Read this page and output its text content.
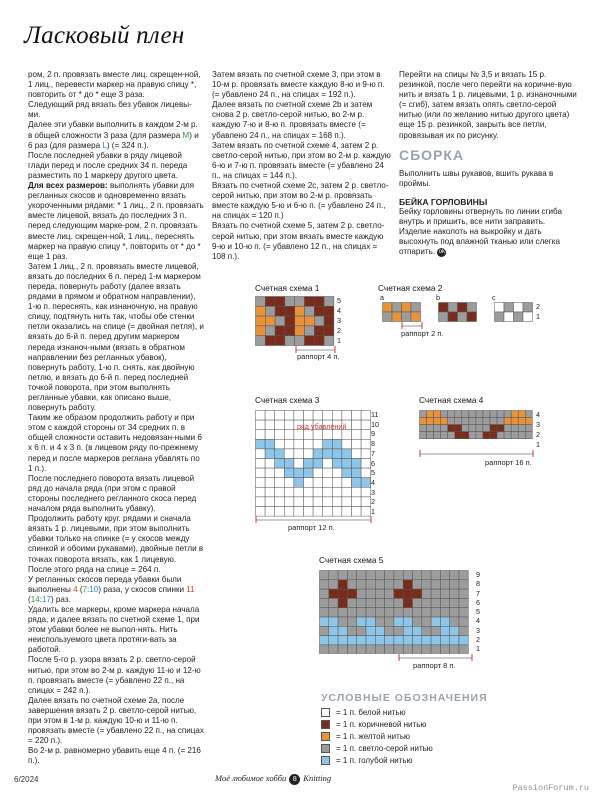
Ласковый плен

ром, 2 п. провязать вместе лиц. скрещен-ной, 1 лиц., перевести маркер на правую спицу *, повторить от * до * еще 3 раза.

Следующий ряд вязать без убавок лицевы-ми.

Далее эти убавки выполнить в каждом 2-м р. в общей сложности 3 раза (для размера M) и 6 раз (для размера L) (= 324 п.).

После последней убавки в ряду лицевой глади перед и после средних 34 п. переда разместить по 1 маркеру другого цвета.

Для всех размеров: выполнять убавки для регланных скосов и одновременно вязать укороченными рядами: * 1 лиц., 2 п. провязать вместе лицевой, вязать до последних 3 п. перед следующим марке-ром, 2 п. провязать вместе лиц. скрещен-ной, 1 лиц., переснять маркер на правую спицу *, повторить от * до * еще 1 раз.

Затем 1 лиц., 2 п. провязать вместе лицевой, вязать до последних 6 п. перед 1-м маркером переда, повернуть работу (далее вязать рядами в прямом и обратном направлении), 1-ю п. переснять, как изнаночную, на правую спицу, подтянуть нить так, чтобы обе стенки петли оказались на спице (= двойная петля), и вязать до 6-й п. перед другим маркером переда изнаноч-ными (вязать в обратном направлении без регланных убавок), повернуть работу, 1-ю п. снять, как двойную петлю, и вязать до 6-й п. перед последней точкой поворота, при этом выполнять регланные убавки, как описано выше, повернуть работу.

Таким же образом продолжить работу и при этом с каждой стороны от 34 средних п. в общей сложности оставить недовязан-ными 6 х 6 п. и 4 х 3 п. (в лицевом ряду по-прежнему перед и после маркеров реглана убавлять по 1 п.).

После последнего поворота вязать лицевой ряд до начала ряда (при этом с правой стороны последнего регланного скоса перед началом ряда выполнить убавку).

Продолжить работу круг. рядами и сначала вязать 1 р. лицевыми, при этом выполнить убавки только на спинке (= у скосов между спинкой и обоими рукавами), двойные петли в точках поворота вязать, как 1 лицевую.

После этого ряда на спице = 264 п.

У регланных скосов переда убавки были выполнены 4 (7:10) раза, у скосов спинки 11 (14:17) раз.

Удалить все маркеры, кроме маркера начала ряда, и далее вязать по счетной схеме 1, при этом убавки более не выпол-нять. Нить неиспользуемого цвета протяги-вать за работой.

После 5-го р. узора вязать 2 р. светло-серой нитью, при этом во 2-м р. каждую 11-ю и 12-ю п. провязать вместе (= убавлено 22 п., на спицах = 242 п.).

Далее вязать по счетной схеме 2a, после завершения вязать 2 р. светло-серой нитью, при этом в 1-м р. каждую 10-ю и 11-ю п. провязать вместе (= убавлено 22 п., на спицах = 220 п.).

Во 2-м р. равномерно убавить еще 4 п. (= 216 п.).

Затем вязать по счетной схеме 3, при этом в 10-м р. провязать вместе каждую 8-ю и 9-ю п. (= убавлено 24 п., на спицах = 192 п.).

Далее вязать по счетной схеме 2b и затем снова 2 р. светло-серой нитью, во 2-м р. каждую 7-ю и 8-ю п. провязать вместе (= убавлено 24 п., на спицах = 168 п.).

Затем вязать по счетной схеме 4, затем 2 р. светло-серой нитью, при этом во 2-м р. каждую 6-ю и 7-ю п. провязать вместе (= убавлено 24 п., на спицах = 144 п.).

Вязать по счетной схеме 2c, затем 2 р. светло-серой нитью, при этом во 2-м р. провязать вместе каждую 5-ю и 6-ю п. (= убавлено 24 п., на спицах = 120 п.)

Вязать по счетной схеме 5, затем 2 р. светло-серой нитью, при этом вязать вместе каждую 9-ю и 10-ю п. (= убавлено 12 п., на спицах = 108 п.).

Перейти на спицы № 3,5 и вязать 15 р. резинкой, после чего перейти на коричне-вую нить и вязать 1 р. лицевыми, 1 р. изнаночными (= сгиб), затем вязать опять светло-серой нитью (или по желанию нитью другого цвета) еще 15 р. резинкой, закрыть все петли, провязывая их по рисунку.

СБОРКА

Выполнить швы рукавов, вшить рукава в проймы.

БЕЙКА ГОРЛОВИНЫ

Бейку горловины отвернуть по линии сгиба внутрь и пришить, все нити заправить. Изделие наколоть на выкройку и дать высохнуть под влажной тканью или слегка отпарить. ok

Счетная схема 1
5
4
3
2
1
раппорт 4 п.
Счетная схема 2
a	b	c
2
1
раппорт 2 п.
Счетная схема 3
ряд убавлений
11
10
9
8
7
6
5
4
3
2
1
раппорт 12 п.
Счетная схема 4
4
3
2
1
раппорт 16 п.
Счетная схема 5
9
8
7
6
5
4
3
2
1
раппорт 8 п.
УСЛОВНЫЕ ОБОЗНАЧЕНИЯ
= 1 п. белой нитью
= 1 п. коричневой нитью
= 1 п. желтой нитью
= 1 п. светло-серой нитью
= 1 п. голубой нитью
6/2024	Моё любимое хобби 8 Knitting
PassionForum.ru
